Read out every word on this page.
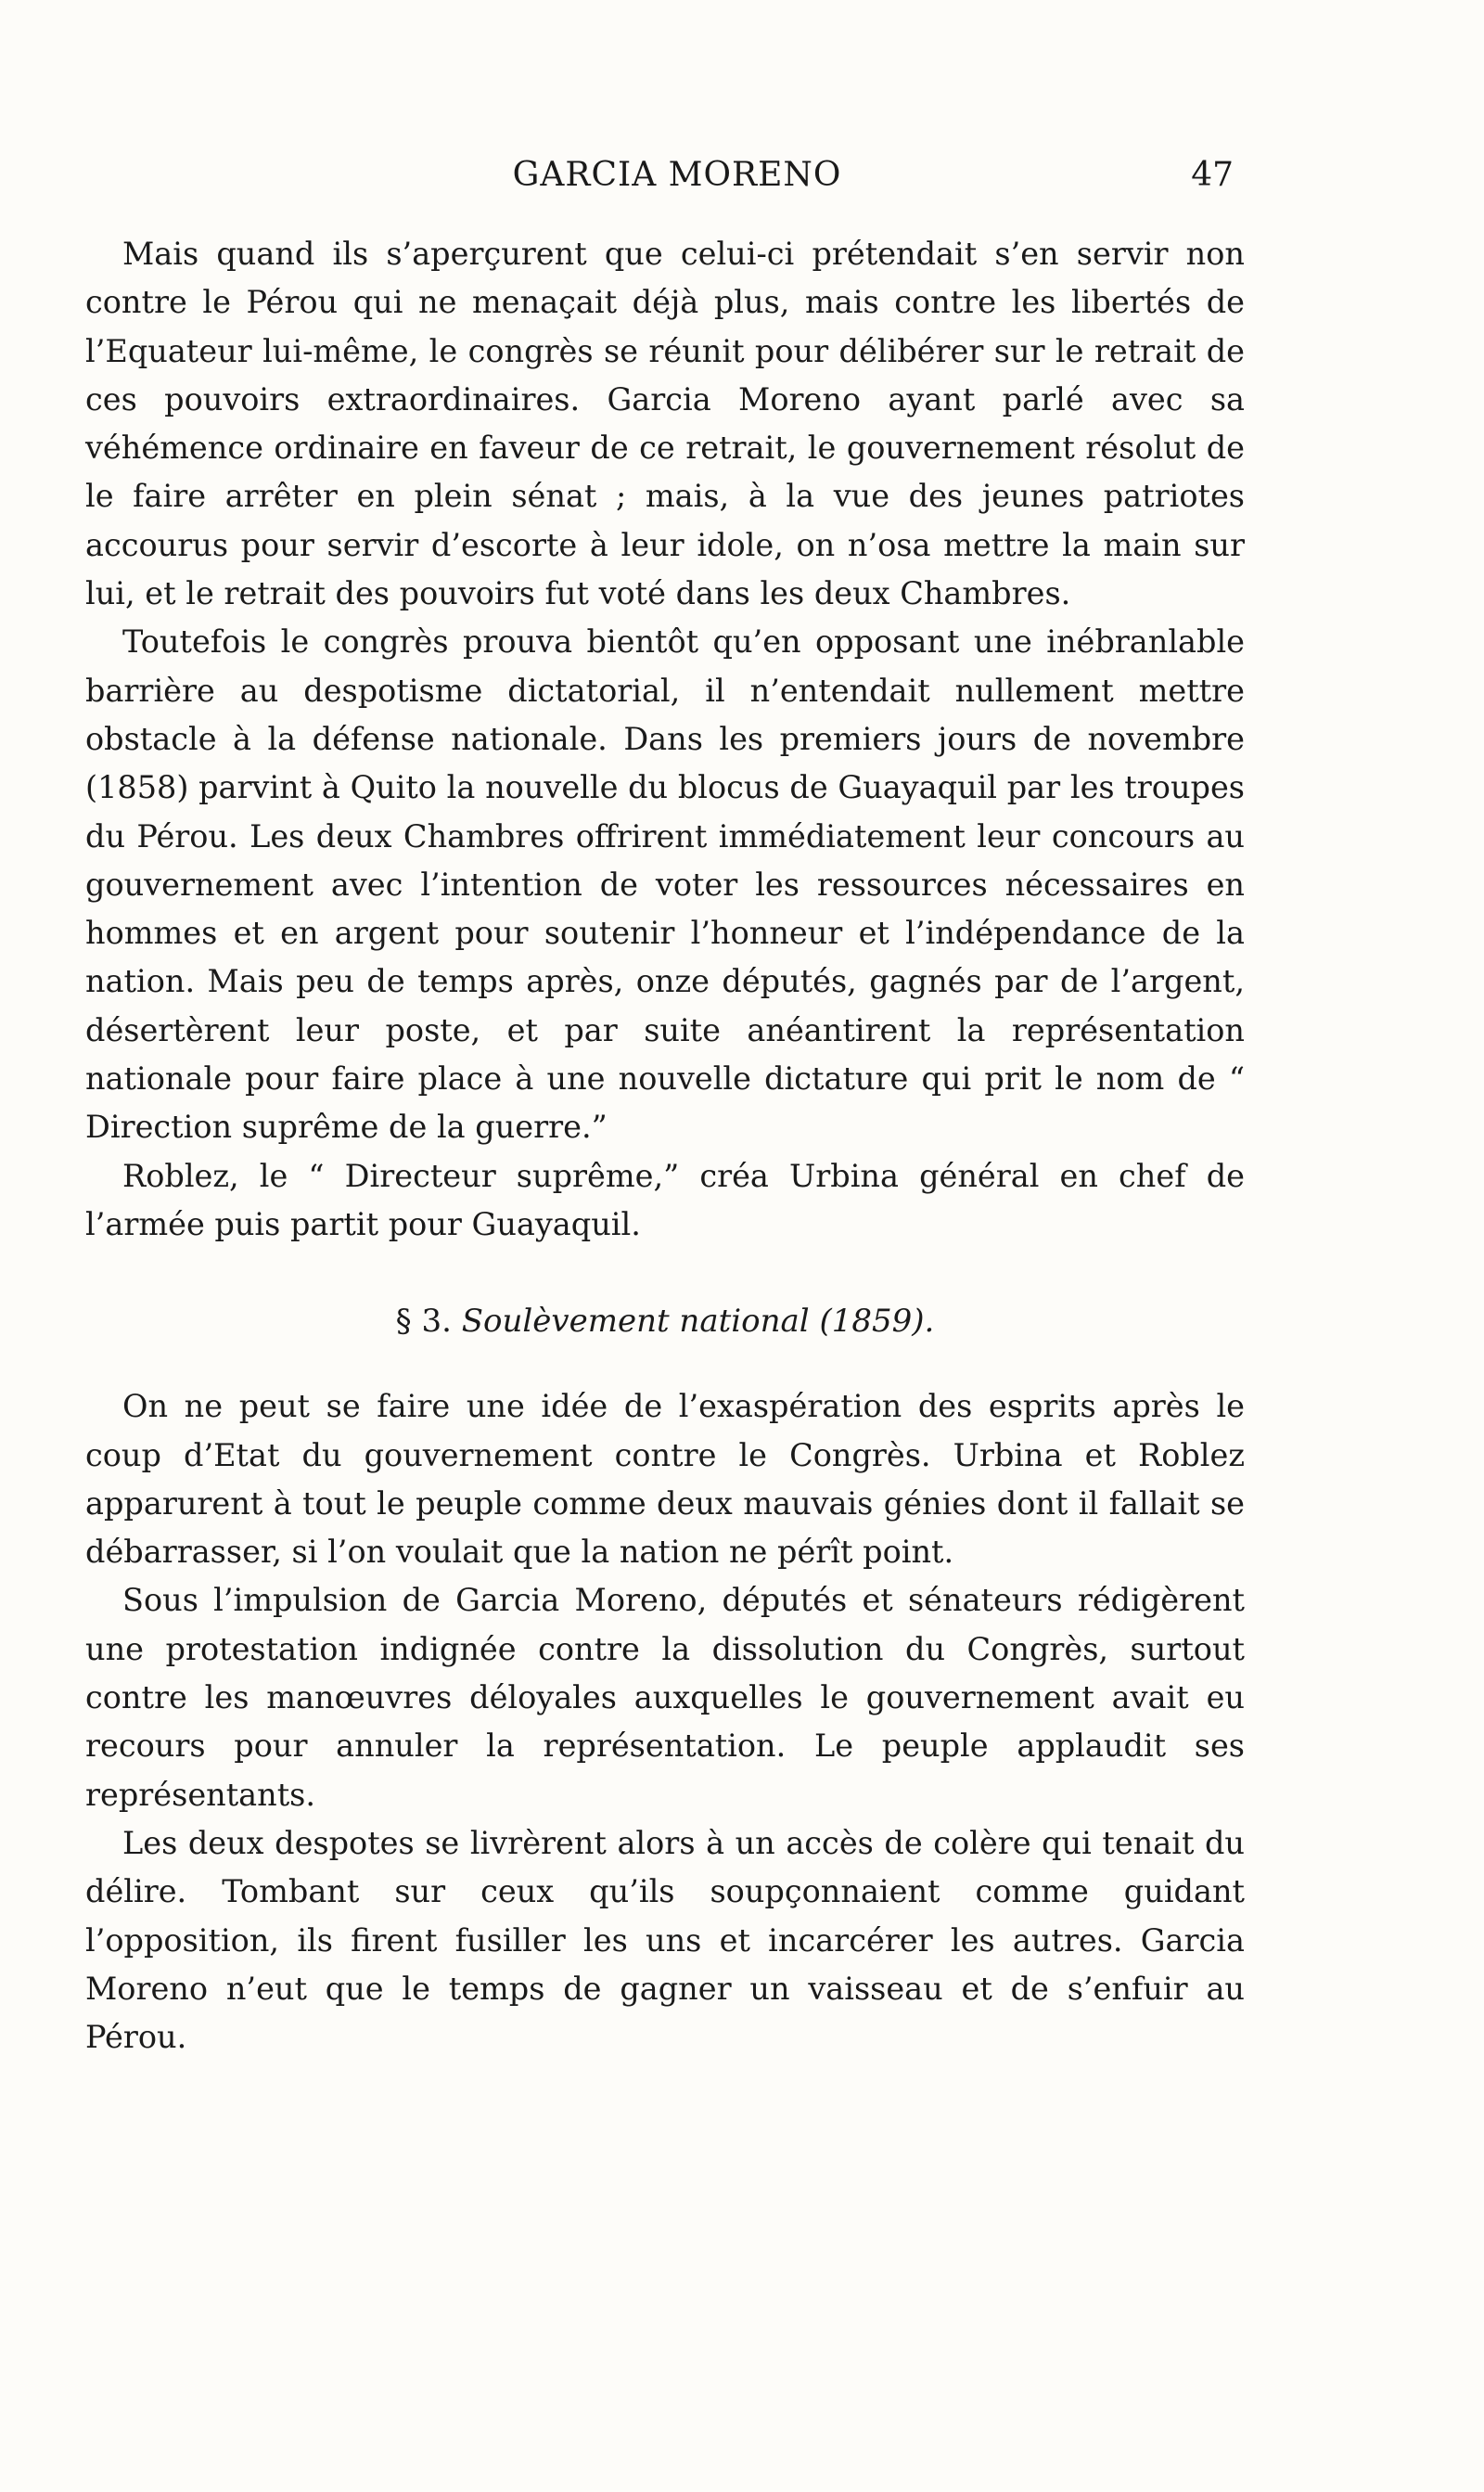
GARCIA MORENO	47

Mais quand ils s’aperçurent que celui-ci prétendait s’en servir non contre le Pérou qui ne menaçait déjà plus, mais contre les libertés de l’Equateur lui-même, le congrès se réunit pour délibérer sur le retrait de ces pouvoirs extraordinaires. Garcia Moreno ayant parlé avec sa véhémence ordinaire en faveur de ce retrait, le gouvernement résolut de le faire arrêter en plein sénat ; mais, à la vue des jeunes patriotes accourus pour servir d’escorte à leur idole, on n’osa mettre la main sur lui, et le retrait des pouvoirs fut voté dans les deux Chambres.

Toutefois le congrès prouva bientôt qu’en opposant une inébranlable barrière au despotisme dictatorial, il n’entendait nullement mettre obstacle à la défense nationale. Dans les premiers jours de novembre (1858) parvint à Quito la nouvelle du blocus de Guayaquil par les troupes du Pérou. Les deux Chambres offrirent immédiatement leur concours au gouvernement avec l’intention de voter les ressources nécessaires en hommes et en argent pour soutenir l’honneur et l’indépendance de la nation. Mais peu de temps après, onze députés, gagnés par de l’argent, désertèrent leur poste, et par suite anéantirent la représentation nationale pour faire place à une nouvelle dictature qui prit le nom de “ Direction suprême de la guerre.”

Roblez, le “ Directeur suprême,” créa Urbina général en chef de l’armée puis partit pour Guayaquil.

§ 3. Soulèvement national (1859).

On ne peut se faire une idée de l’exaspération des esprits après le coup d’Etat du gouvernement contre le Congrès. Urbina et Roblez apparurent à tout le peuple comme deux mauvais génies dont il fallait se débarrasser, si l’on voulait que la nation ne pérît point.

Sous l’impulsion de Garcia Moreno, députés et sénateurs rédigèrent une protestation indignée contre la dissolution du Congrès, surtout contre les manœuvres déloyales auxquelles le gouvernement avait eu recours pour annuler la représentation. Le peuple applaudit ses représentants.

Les deux despotes se livrèrent alors à un accès de colère qui tenait du délire. Tombant sur ceux qu’ils soupçonnaient comme guidant l’opposition, ils firent fusiller les uns et incarcérer les autres. Garcia Moreno n’eut que le temps de gagner un vaisseau et de s’enfuir au Pérou.
